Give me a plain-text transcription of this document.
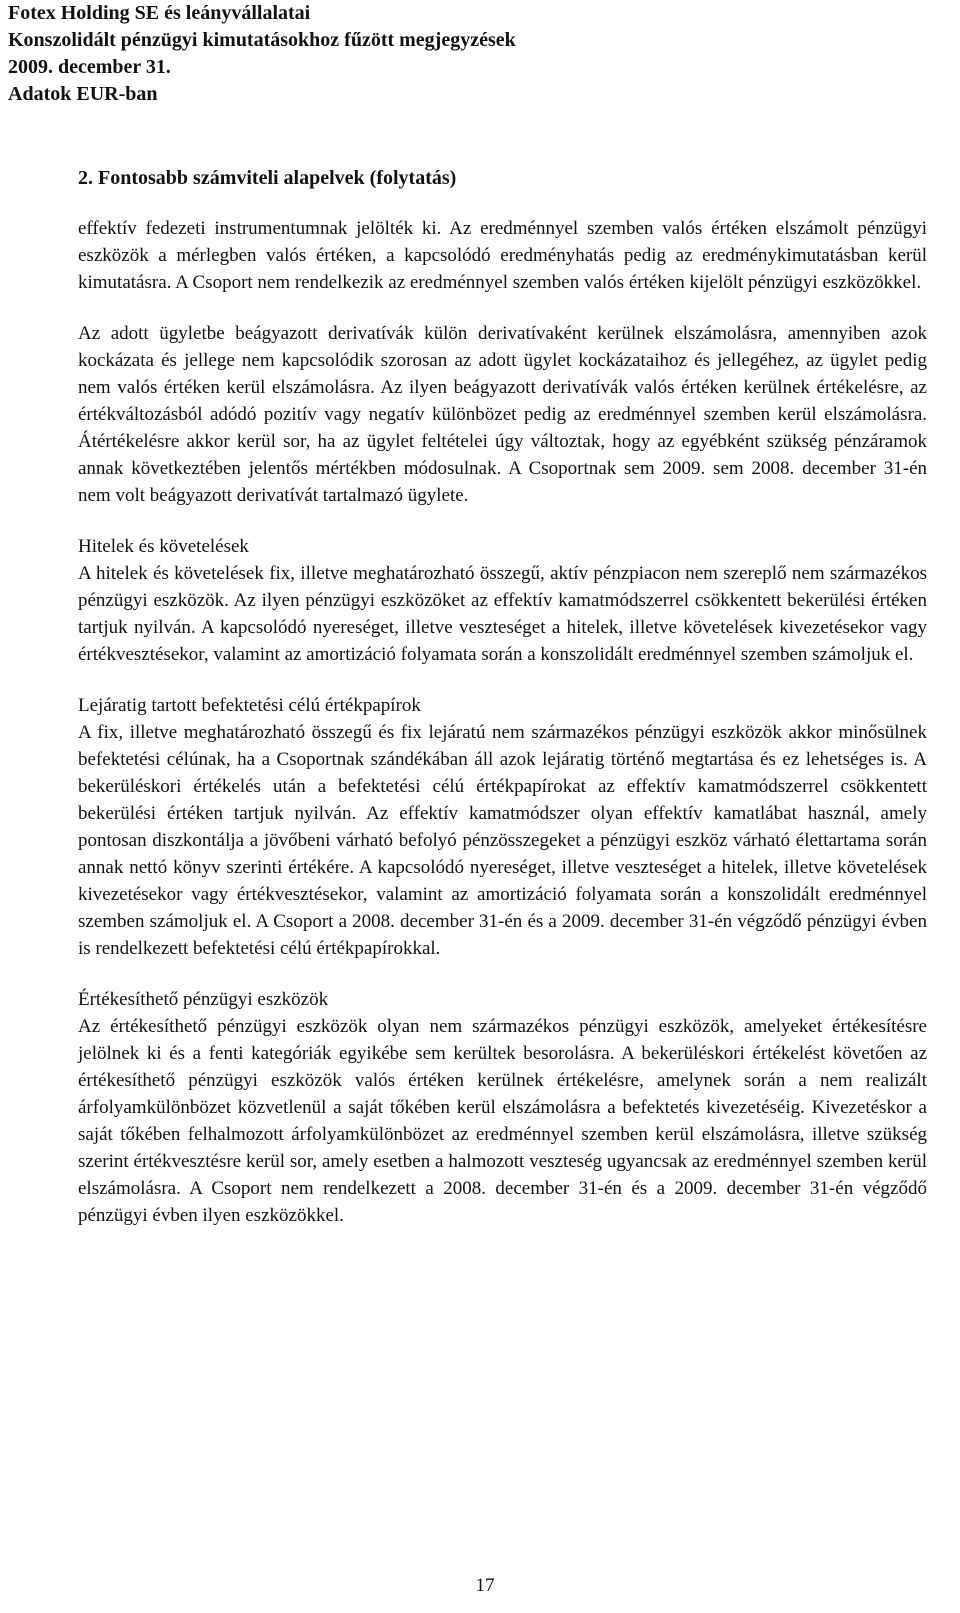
Fotex Holding SE és leányvállalatai
Konszolidált pénzügyi kimutatásokhoz fűzött megjegyzések
2009. december 31.
Adatok EUR-ban
2. Fontosabb számviteli alapelvek (folytatás)

effektív fedezeti instrumentumnak jelölték ki. Az eredménnyel szemben valós értéken elszámolt pénzügyi eszközök a mérlegben valós értéken, a kapcsolódó eredményhatás pedig az eredménykimutatásban kerül kimutatásra. A Csoport nem rendelkezik az eredménnyel szemben valós értéken kijelölt pénzügyi eszközökkel.

Az adott ügyletbe beágyazott derivatívák külön derivatívaként kerülnek elszámolásra, amennyiben azok kockázata és jellege nem kapcsolódik szorosan az adott ügylet kockázataihoz és jellegéhez, az ügylet pedig nem valós értéken kerül elszámolásra. Az ilyen beágyazott derivatívák valós értéken kerülnek értékelésre, az értékváltozásból adódó pozitív vagy negatív különbözet pedig az eredménnyel szemben kerül elszámolásra. Átértékelésre akkor kerül sor, ha az ügylet feltételei úgy változtak, hogy az egyébként szükség pénzáramok annak következtében jelentős mértékben módosulnak. A Csoportnak sem 2009. sem 2008. december 31-én nem volt beágyazott derivatívát tartalmazó ügylete.

Hitelek és követelések

A hitelek és követelések fix, illetve meghatározható összegű, aktív pénzpiacon nem szereplő nem származékos pénzügyi eszközök. Az ilyen pénzügyi eszközöket az effektív kamatmódszerrel csökkentett bekerülési értéken tartjuk nyilván. A kapcsolódó nyereséget, illetve veszteséget a hitelek, illetve követelések kivezetésekor vagy értékvesztésekor, valamint az amortizáció folyamata során a konszolidált eredménnyel szemben számoljuk el.

Lejáratig tartott befektetési célú értékpapírok

A fix, illetve meghatározható összegű és fix lejáratú nem származékos pénzügyi eszközök akkor minősülnek befektetési célúnak, ha a Csoportnak szándékában áll azok lejáratig történő megtartása és ez lehetséges is. A bekerüléskori értékelés után a befektetési célú értékpapírokat az effektív kamatmódszerrel csökkentett bekerülési értéken tartjuk nyilván. Az effektív kamatmódszer olyan effektív kamatlábat használ, amely pontosan diszkontálja a jövőbeni várható befolyó pénzösszegeket a pénzügyi eszköz várható élettartama során annak nettó könyv szerinti értékére. A kapcsolódó nyereséget, illetve veszteséget a hitelek, illetve követelések kivezetésekor vagy értékvesztésekor, valamint az amortizáció folyamata során a konszolidált eredménnyel szemben számoljuk el. A Csoport a 2008. december 31-én és a 2009. december 31-én végződő pénzügyi évben is rendelkezett befektetési célú értékpapírokkal.

Értékesíthető pénzügyi eszközök

Az értékesíthető pénzügyi eszközök olyan nem származékos pénzügyi eszközök, amelyeket értékesítésre jelölnek ki és a fenti kategóriák egyikébe sem kerültek besorolásra. A bekerüléskori értékelést követően az értékesíthető pénzügyi eszközök valós értéken kerülnek értékelésre, amelynek során a nem realizált árfolyamkülönbözet közvetlenül a saját tőkében kerül elszámolásra a befektetés kivezetéséig. Kivezetéskor a saját tőkében felhalmozott árfolyamkülönbözet az eredménnyel szemben kerül elszámolásra, illetve szükség szerint értékvesztésre kerül sor, amely esetben a halmozott veszteség ugyancsak az eredménnyel szemben kerül elszámolásra. A Csoport nem rendelkezett a 2008. december 31-én és a 2009. december 31-én végződő pénzügyi évben ilyen eszközökkel.

17
